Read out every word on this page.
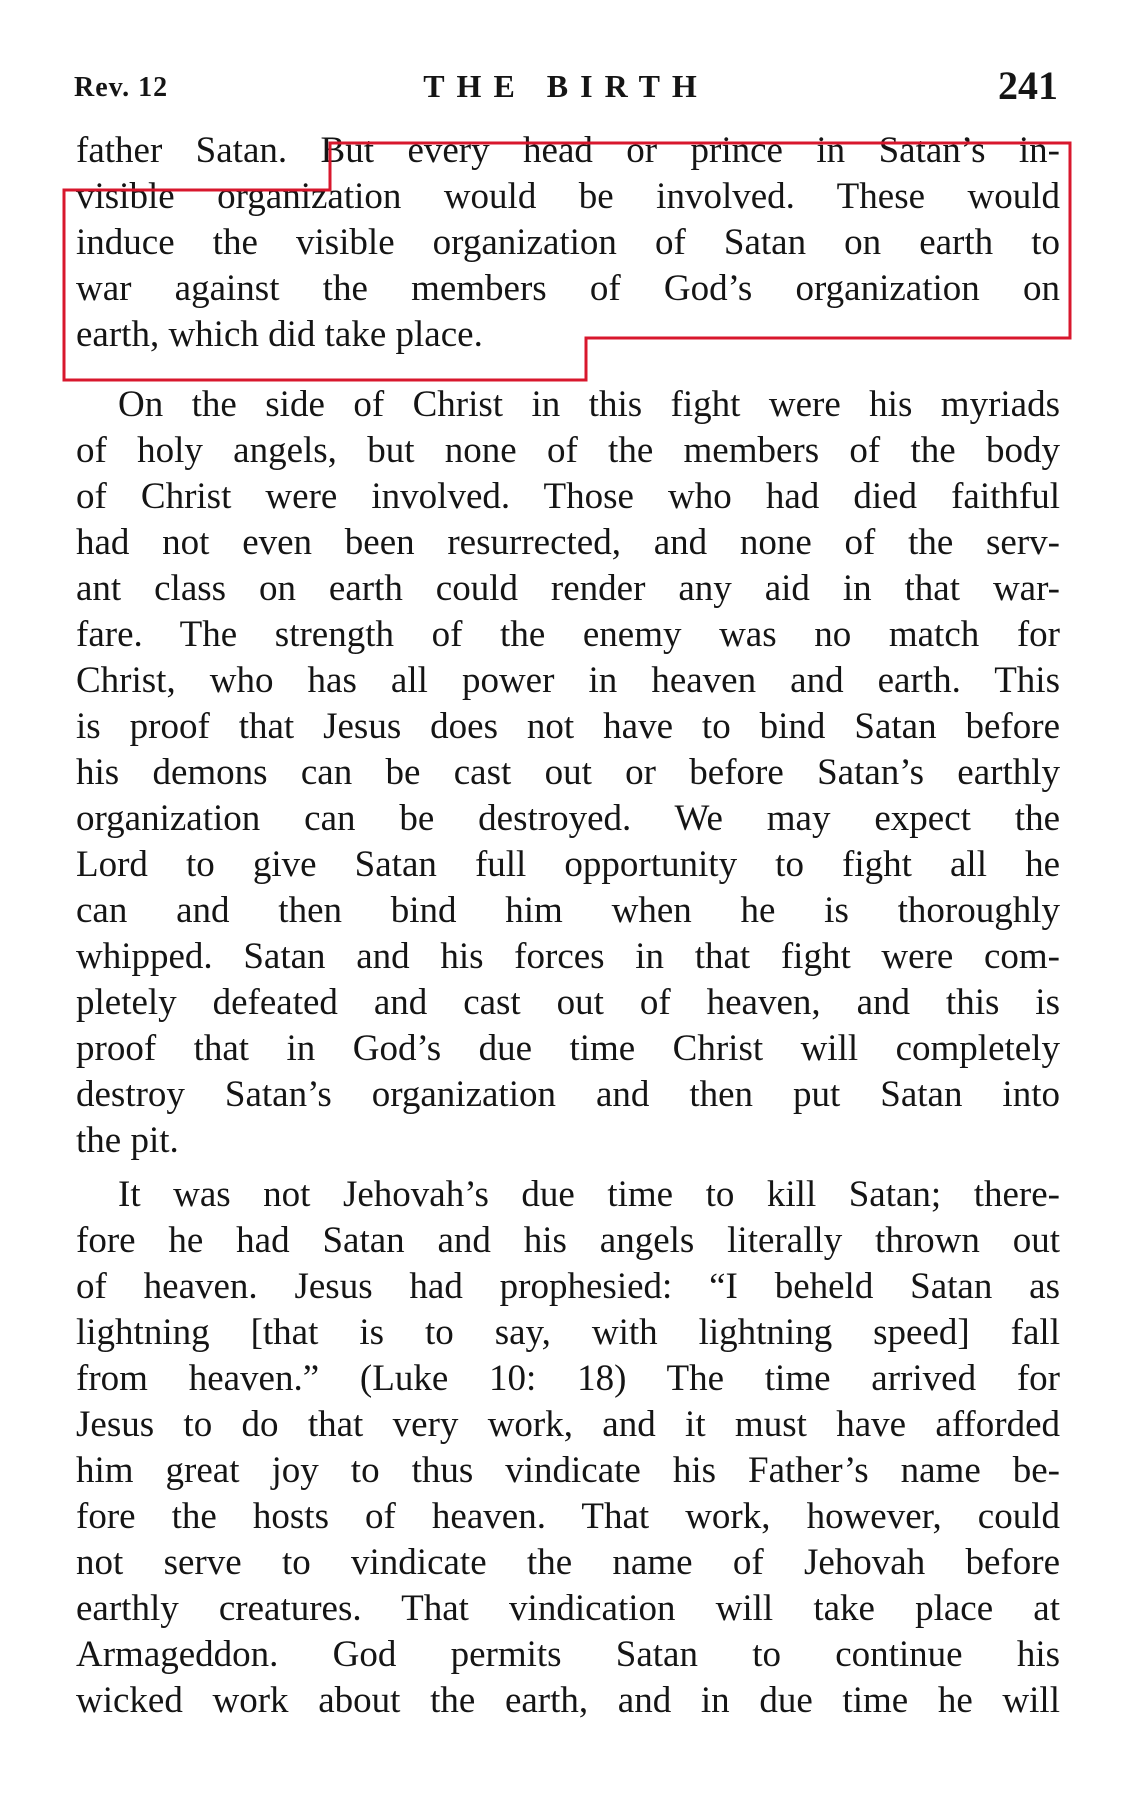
Rev. 12	THE BIRTH	241
father Satan. But every head or prince in Satan’s in-
visible organization would be involved. These would
induce the visible organization of Satan on earth to
war against the members of God’s organization on
earth, which did take place.
On the side of Christ in this fight were his myriads
of holy angels, but none of the members of the body
of Christ were involved. Those who had died faithful
had not even been resurrected, and none of the serv-
ant class on earth could render any aid in that war-
fare. The strength of the enemy was no match for
Christ, who has all power in heaven and earth. This
is proof that Jesus does not have to bind Satan before
his demons can be cast out or before Satan’s earthly
organization can be destroyed. We may expect the
Lord to give Satan full opportunity to fight all he
can and then bind him when he is thoroughly
whipped. Satan and his forces in that fight were com-
pletely defeated and cast out of heaven, and this is
proof that in God’s due time Christ will completely
destroy Satan’s organization and then put Satan into
the pit.
It was not Jehovah’s due time to kill Satan; there-
fore he had Satan and his angels literally thrown out
of heaven. Jesus had prophesied: “I beheld Satan as
lightning [that is to say, with lightning speed] fall
from heaven.” (Luke 10: 18) The time arrived for
Jesus to do that very work, and it must have afforded
him great joy to thus vindicate his Father’s name be-
fore the hosts of heaven. That work, however, could
not serve to vindicate the name of Jehovah before
earthly creatures. That vindication will take place at
Armageddon. God permits Satan to continue his
wicked work about the earth, and in due time he will
